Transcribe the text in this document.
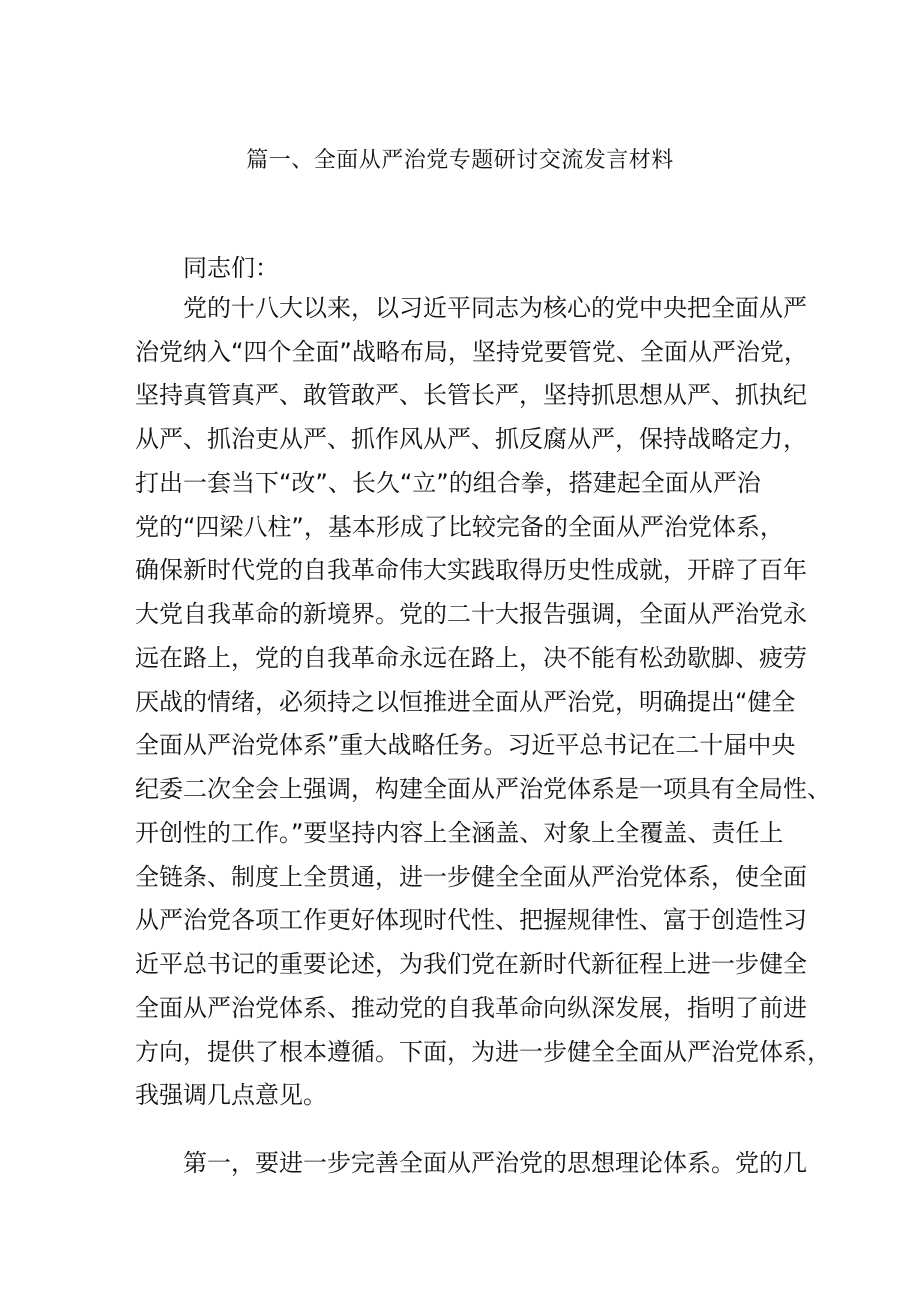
篇一、全面从严治党专题研讨交流发言材料
同志们：
党的十八大以来，以习近平同志为核心的党中央把全面从严
治党纳入“四个全面”战略布局，坚持党要管党、全面从严治党，
坚持真管真严、敢管敢严、长管长严，坚持抓思想从严、抓执纪
从严、抓治吏从严、抓作风从严、抓反腐从严，保持战略定力，
打出一套当下“改”、长久“立”的组合拳，搭建起全面从严治
党的“四梁八柱”，基本形成了比较完备的全面从严治党体系，
确保新时代党的自我革命伟大实践取得历史性成就，开辟了百年
大党自我革命的新境界。党的二十大报告强调，全面从严治党永
远在路上，党的自我革命永远在路上，决不能有松劲歇脚、疲劳
厌战的情绪，必须持之以恒推进全面从严治党，明确提出“健全
全面从严治党体系”重大战略任务。习近平总书记在二十届中央
纪委二次全会上强调，构建全面从严治党体系是一项具有全局性、
开创性的工作。”要坚持内容上全涵盖、对象上全覆盖、责任上
全链条、制度上全贯通，进一步健全全面从严治党体系，使全面
从严治党各项工作更好体现时代性、把握规律性、富于创造性习
近平总书记的重要论述，为我们党在新时代新征程上进一步健全
全面从严治党体系、推动党的自我革命向纵深发展，指明了前进
方向，提供了根本遵循。下面，为进一步健全全面从严治党体系，
我强调几点意见。
第一，要进一步完善全面从严治党的思想理论体系。党的几
